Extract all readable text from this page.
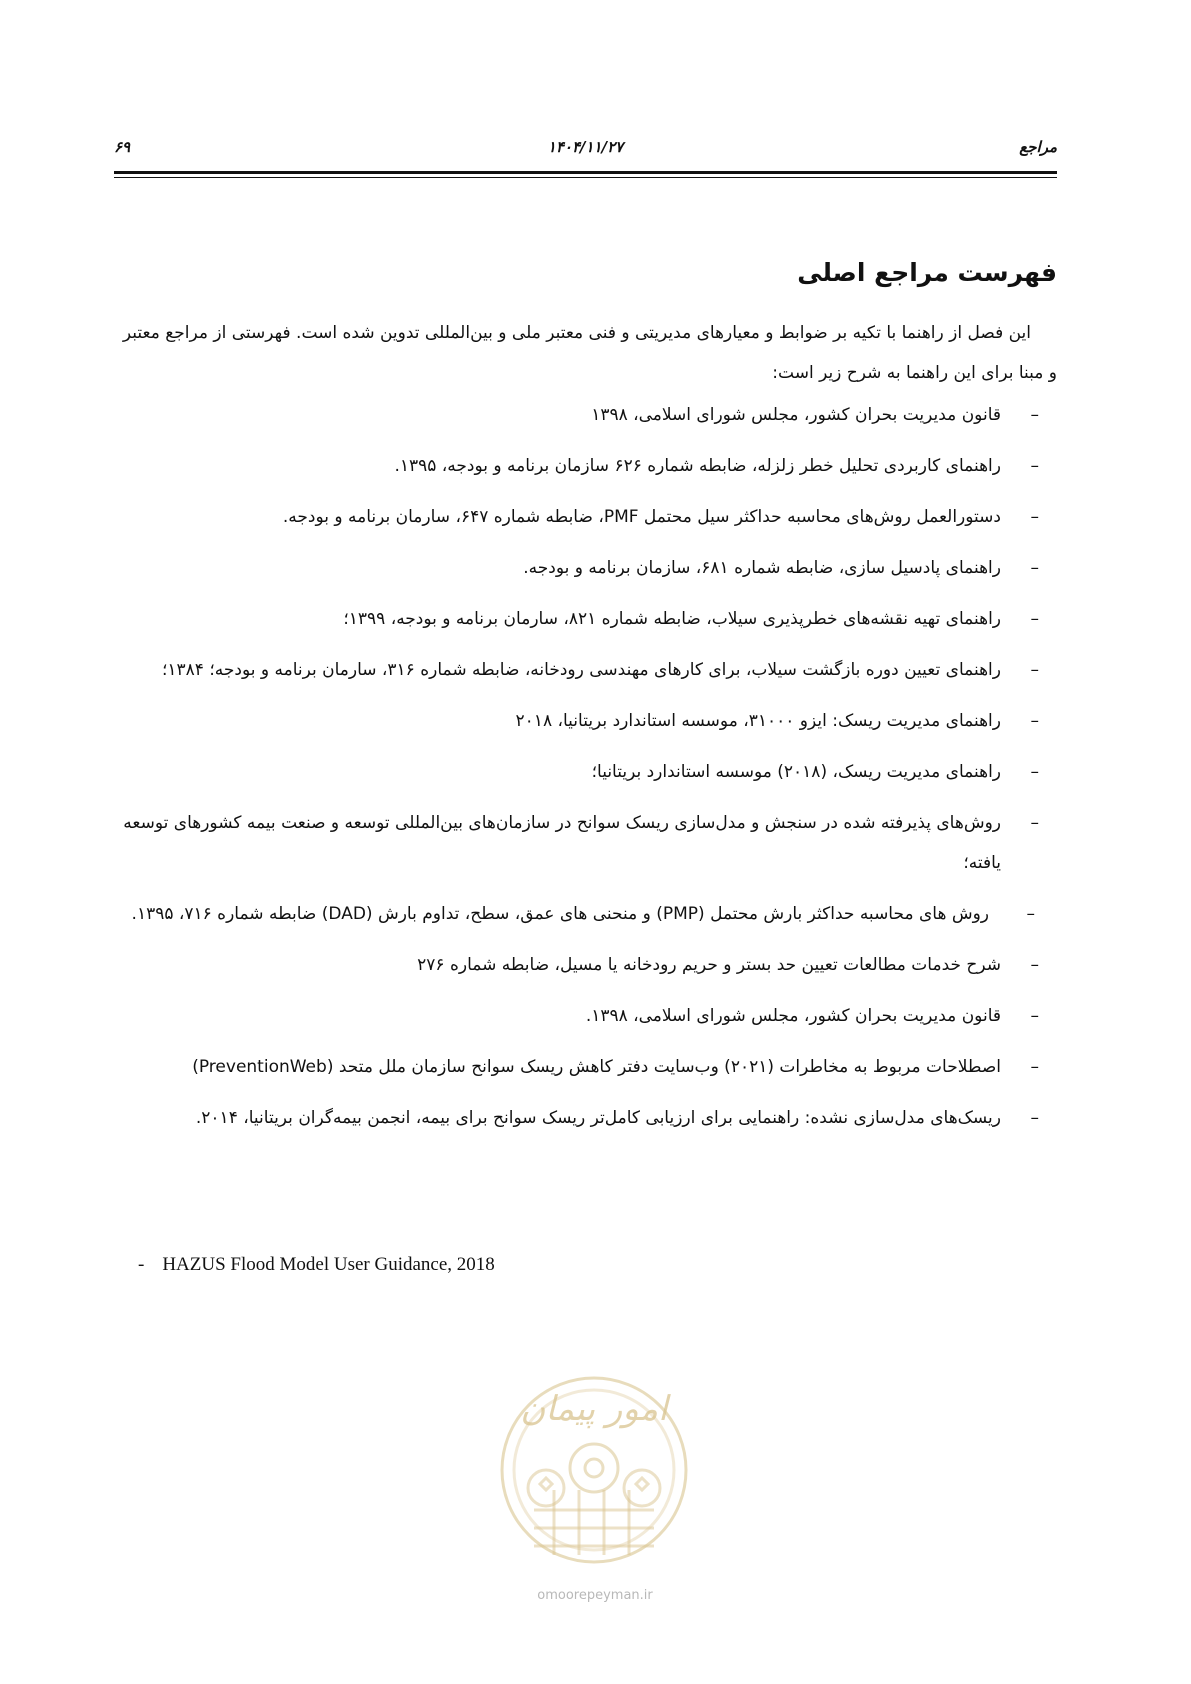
مراجع
۱۴۰۴/۱۱/۲۷
۶۹
فهرست مراجع اصلی

این فصل از راهنما با تکیه بر ضوابط و معیارهای مدیریتی و فنی معتبر ملی و بین‌المللی تدوین شده است. فهرستی از مراجع معتبر و مبنا برای این راهنما به شرح زیر است:

–
قانون مدیریت بحران کشور، مجلس شورای اسلامی، ۱۳۹۸
–
راهنمای کاربردی تحلیل خطر زلزله، ضابطه شماره ۶۲۶ سازمان برنامه و بودجه، ۱۳۹۵.
–
دستورالعمل روش‌های محاسبه حداکثر سیل محتمل PMF، ضابطه شماره ۶۴۷، سارمان برنامه و بودجه.
–
راهنمای پادسیل سازی، ضابطه شماره ۶۸۱، سازمان برنامه و بودجه.
–
راهنمای تهیه نقشه‌های خطرپذیری سیلاب، ضابطه شماره ۸۲۱، سارمان برنامه و بودجه، ۱۳۹۹؛
–
راهنمای تعیین دوره بازگشت سیلاب، برای کارهای مهندسی رودخانه، ضابطه شماره ۳۱۶، سارمان برنامه و بودجه؛ ۱۳۸۴؛
–
راهنمای مدیریت ریسک: ایزو ۳۱۰۰۰، موسسه استاندارد بریتانیا، ۲۰۱۸
–
راهنمای مدیریت ریسک، (۲۰۱۸) موسسه استاندارد بریتانیا؛
–
روش‌های پذیرفته شده در سنجش و مدل‌سازی ریسک سوانح در سازمان‌های بین‌المللی توسعه و صنعت بیمه کشورهای توسعه یافته؛
–
روش های محاسبه حداکثر بارش محتمل (PMP) و منحنی های عمق، سطح، تداوم بارش (DAD) ضابطه شماره ۷۱۶، ۱۳۹۵.
–
شرح خدمات مطالعات تعیین حد بستر و حریم رودخانه یا مسیل، ضابطه شماره ۲۷۶
–
قانون مدیریت بحران کشور، مجلس شورای اسلامی، ۱۳۹۸.
–
اصطلاحات مربوط به مخاطرات (۲۰۲۱) وب‌سایت دفتر کاهش ریسک سوانح سازمان ملل متحد (PreventionWeb)
–
ریسک‌های مدل‌سازی نشده: راهنمایی برای ارزیابی کامل‌تر ریسک سوانح برای بیمه، انجمن بیمه‌گران بریتانیا، ۲۰۱۴.
- HAZUS Flood Model User Guidance, 2018
امور پیمان
omoorepeyman.ir
